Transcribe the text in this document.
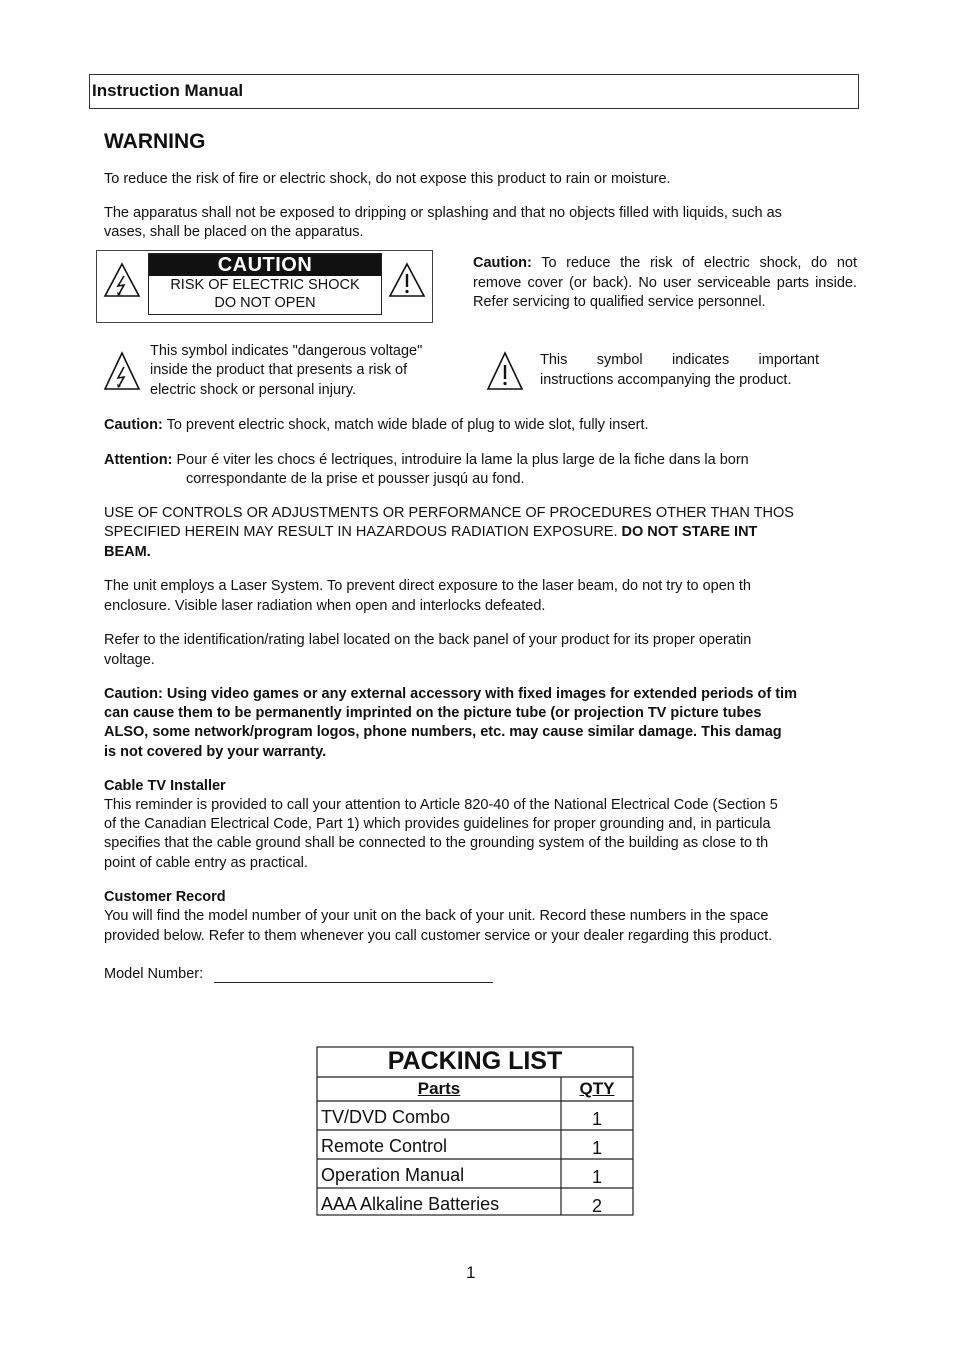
Instruction Manual
WARNING
To reduce the risk of fire or electric shock, do not expose this product to rain or moisture.
The apparatus shall not be exposed to dripping or splashing and that no objects filled with liquids, such as
vases, shall be placed on the apparatus.
CAUTION
RISK OF ELECTRIC SHOCK
DO NOT OPEN
Caution: To reduce the risk of electric shock, do not remove cover (or back). No user serviceable parts inside. Refer servicing to qualified service personnel.
This symbol indicates "dangerous voltage"
inside the product that presents a risk of
electric shock or personal injury.
This symbol indicates important instructions accompanying the product.
Caution: To prevent electric shock, match wide blade of plug to wide slot, fully insert.
Attention: Pour é viter les chocs é lectriques, introduire la lame la plus large de la fiche dans la born
correspondante de la prise et pousser jusqú au fond.
USE OF CONTROLS OR ADJUSTMENTS OR PERFORMANCE OF PROCEDURES OTHER THAN THOS
SPECIFIED HEREIN MAY RESULT IN HAZARDOUS RADIATION EXPOSURE. DO NOT STARE INT
BEAM.
The unit employs a Laser System. To prevent direct exposure to the laser beam, do not try to open th
enclosure. Visible laser radiation when open and interlocks defeated.
Refer to the identification/rating label located on the back panel of your product for its proper operatin
voltage.
Caution: Using video games or any external accessory with fixed images for extended periods of tim
can cause them to be permanently imprinted on the picture tube (or projection TV picture tubes
ALSO, some network/program logos, phone numbers, etc. may cause similar damage. This damag
is not covered by your warranty.
Cable TV Installer
This reminder is provided to call your attention to Article 820-40 of the National Electrical Code (Section 5
of the Canadian Electrical Code, Part 1) which provides guidelines for proper grounding and, in particula
specifies that the cable ground shall be connected to the grounding system of the building as close to th
point of cable entry as practical.
Customer Record
You will find the model number of your unit on the back of your unit. Record these numbers in the space
provided below. Refer to them whenever you call customer service or your dealer regarding this product.
Model Number:
PACKING LIST
Parts	QTY
TV/DVD Combo	1
Remote Control	1
Operation Manual	1
AAA Alkaline Batteries	2
1
